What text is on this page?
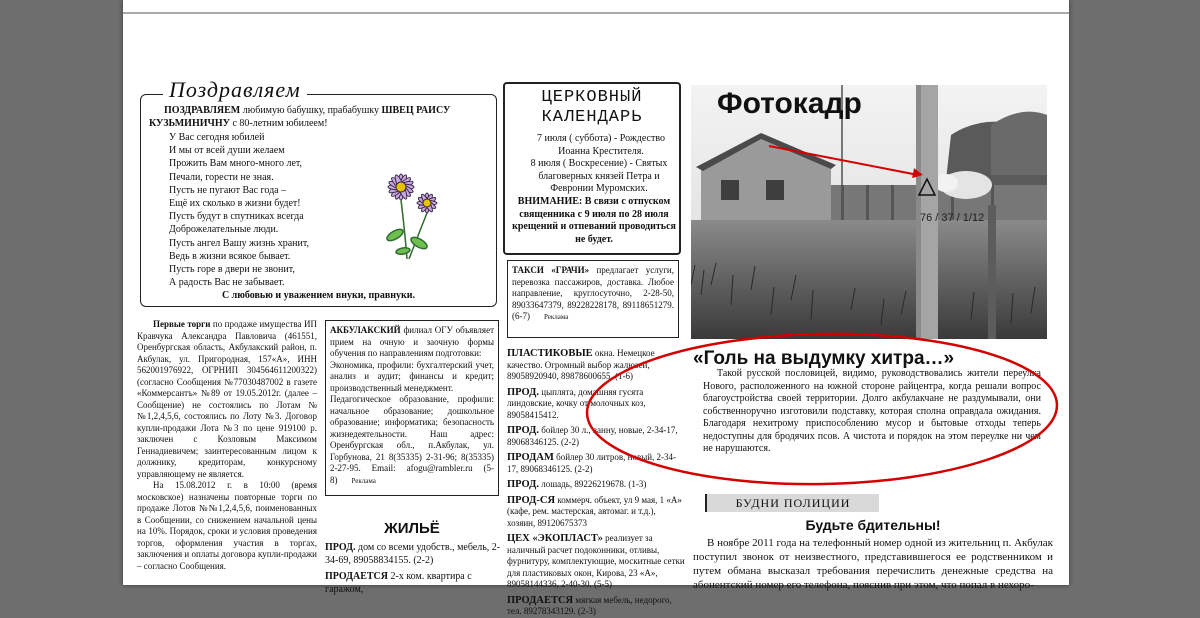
Поздравляем
ПОЗДРАВЛЯЕМ любимую бабушку, прабабушку ШВЕЦ РАИСУ КУЗЬМИНИЧНУ с 80-летним юбилеем!
У Вас сегодня юбилей
И мы от всей души желаем
Прожить Вам много-много лет,
Печали, горести не зная.
Пусть не пугают Вас года –
Ещё их сколько в жизни будет!
Пусть будут в спутниках всегда
Доброжелательные люди.
Пусть ангел Вашу жизнь хранит,
Ведь в жизни всякое бывает.
Пусть горе в двери не звонит,
А радость Вас не забывает.
С любовью и уважением внуки, правнуки.
ЦЕРКОВНЫЙ КАЛЕНДАРЬ
7 июля ( суббота) - Рождество Иоанна Крестителя.
8 июля ( Воскресение) - Святых благоверных князей Петра и Февронии Муромских.
ВНИМАНИЕ: В связи с отпуском священника с 9 июля по 28 июля крещений и отпеваний проводиться не будет.
ТАКСИ «ГРАЧИ» предлагает услуги, перевозка пассажиров, доставка. Любое направление, круглосуточно, 2-28-50, 89033647379, 89228228178, 89118651279. (6-7) Реклама
76 / 37 / 1/12
Фотокадр
Первые торги по продаже имущества ИП Кравчука Александра Павловича (461551, Оренбургская область, Акбулакский район, п. Акбулак, ул. Пригородная, 157«А», ИНН 562001976922, ОГРНИП 304564611200322) (согласно Сообщения №77030487002 в газете «Коммерсантъ» №89 от 19.05.2012г. (далее – Сообщение) не состоялись по Лотам №№1,2,4,5,6, состоялись по Лоту №3. Договор купли-продажи Лота №3 по цене 919100 р. заключен с Козловым Максимом Геннадиевичем; заинтересованным лицом к должнику, кредиторам, конкурсному управляющему не является.
На 15.08.2012 г. в 10:00 (время московское) назначены повторные торги по продаже Лотов №№1,2,4,5,6, поименованных в Сообщении, со снижением начальной цены на 10%. Порядок, сроки и условия проведения торгов, оформления участия в торгах, заключения и оплаты договора купли-продажи – согласно Сообщения.
АКБУЛАКСКИЙ филиал ОГУ объявляет прием на очную и заочную формы обучения по направлениям подготовки:
Экономика, профили: бухгалтерский учет, анализ и аудит; финансы и кредит; производственный менеджмент.
Педагогическое образование, профили: начальное образование; дошкольное образование; информатика; безопасность жизнедеятельности. Наш адрес: Оренбургская обл., п.Акбулак, ул. Горбунова, 21 8(35335) 2-31-96; 8(35335) 2-27-95. Email: afogu@rambler.ru (5-8) Реклама
ЖИЛЬЁ
ПРОД. дом со всеми удобств., мебель, 2-34-69, 89058834155. (2-2)
ПРОДАЕТСЯ 2-х ком. квартира с гаражом,
ПЛАСТИКОВЫЕ окна. Немецкое качество. Огромный выбор жалюзей, 89058920940, 89878600655. (1-6)
ПРОД. цыплята, домашняя гусята линдовские, кочку от молочных коз, 89058415412.
ПРОД. бойлер 30 л., ванну, новые, 2-34-17, 89068346125. (2-2)
ПРОДАМ бойлер 30 литров, новый, 2-34-17, 89068346125. (2-2)
ПРОД. лошадь, 89226219678. (1-3)
ПРОД-СЯ коммерч. объект, ул 9 мая, 1 «А» (кафе, рем. мастерская, автомаг. и т.д.), хозяин, 89120675373
ЦЕХ «ЭКОПЛАСТ» реализует за наличный расчет подоконники, отливы, фурнитуру, комплектующие, москитные сетки для пластиковых окон, Кирова, 23 «А», 89058144336, 2-40-30. (5-5)
ПРОДАЕТСЯ мягкая мебель, недорого, тел. 89278343129. (2-3)
«Голь на выдумку хитра…»
Такой русской пословицей, видимо, руководствовались жители переулка Нового, расположенного на южной стороне райцентра, когда решали вопрос благоустройства своей территории. Долго акбулакчане не раздумывали, они собственноручно изготовили подставку, которая сполна оправдала ожидания. Благодаря нехитрому приспособлению мусор и бытовые отходы теперь недоступны для бродячих псов. А чистота и порядок на этом переулке ни чем не нарушаются.
БУДНИ ПОЛИЦИИ
Будьте бдительны!
В ноябре 2011 года на телефонный номер одной из жительниц п. Акбулак поступил звонок от неизвестного, представившегося ее родственником и путем обмана высказал требования перечислить денежные средства на абонентский номер его телефона, пояснив при этом, что попал в нехоро-
